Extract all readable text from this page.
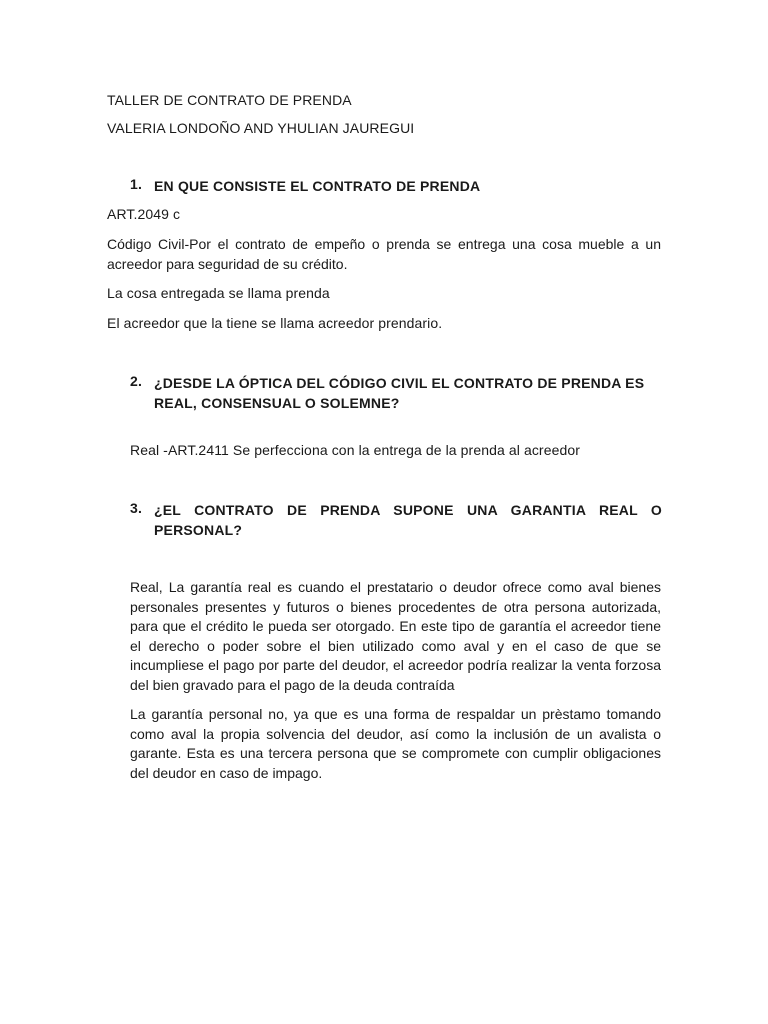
TALLER DE CONTRATO DE PRENDA
VALERIA LONDOÑO AND YHULIAN JAUREGUI
1. EN QUE CONSISTE EL CONTRATO DE PRENDA
ART.2049 c
Código Civil-Por el contrato de empeño o prenda se entrega una cosa mueble a un acreedor para seguridad de su crédito.
La cosa entregada se llama prenda
El acreedor que la tiene se llama acreedor prendario.
2. ¿DESDE LA ÓPTICA DEL CÓDIGO CIVIL EL CONTRATO DE PRENDA ES REAL, CONSENSUAL O SOLEMNE?
Real -ART.2411 Se perfecciona con la entrega de la prenda al acreedor
3. ¿EL CONTRATO DE PRENDA SUPONE UNA GARANTIA REAL O PERSONAL?
Real, La garantía real es cuando el prestatario o deudor ofrece como aval bienes personales presentes y futuros o bienes procedentes de otra persona autorizada, para que el crédito le pueda ser otorgado. En este tipo de garantía el acreedor tiene el derecho o poder sobre el bien utilizado como aval y en el caso de que se incumpliese el pago por parte del deudor, el acreedor podría realizar la venta forzosa del bien gravado para el pago de la deuda contraída
La garantía personal no, ya que es una forma de respaldar un prèstamo tomando como aval la propia solvencia del deudor, así como la inclusión de un avalista o garante. Esta es una tercera persona que se compromete con cumplir obligaciones del deudor en caso de impago.
